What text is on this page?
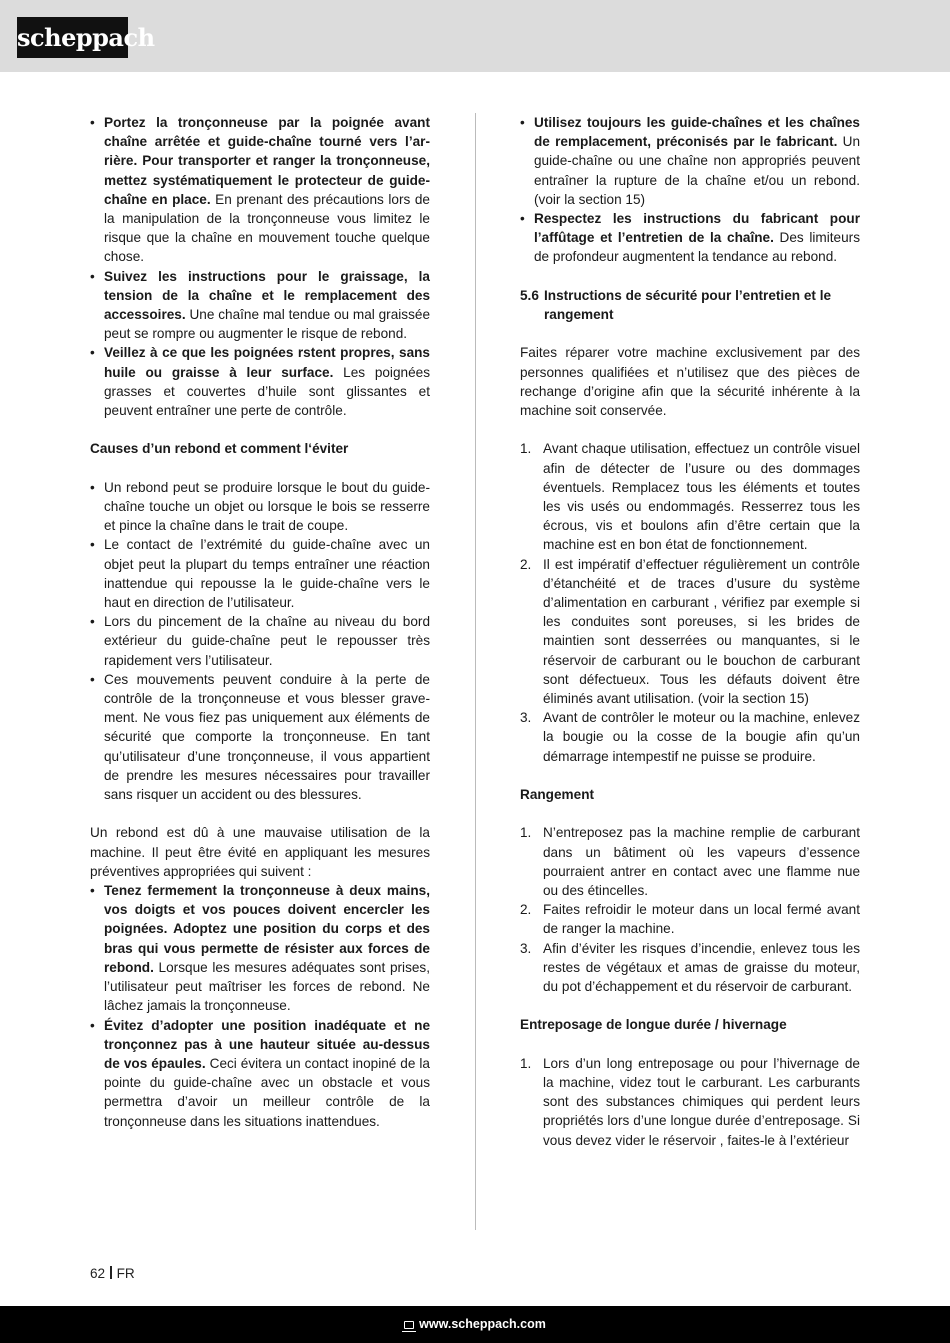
scheppach
• Portez la tronçonneuse par la poignée avant chaîne arrêtée et guide-chaîne tourné vers l’arrière. Pour transporter et ranger la tronçonneuse, mettez systématiquement le protecteur de guide-chaîne en place. En prenant des précautions lors de la manipulation de la tronçonneuse vous limitez le risque que la chaîne en mouvement touche quelque chose.
• Suivez les instructions pour le graissage, la tension de la chaîne et le remplacement des accessoires. Une chaîne mal tendue ou mal graissée peut se rompre ou augmenter le risque de rebond.
• Veillez à ce que les poignées rstent propres, sans huile ou graisse à leur surface. Les poignées grasses et couvertes d’huile sont glissantes et peuvent entraîner une perte de contrôle.
Causes d’un rebond et comment l‘éviter
• Un rebond peut se produire lorsque le bout du guide-chaîne touche un objet ou lorsque le bois se resserre et pince la chaîne dans le trait de coupe.
• Le contact de l’extrémité du guide-chaîne avec un objet peut la plupart du temps entraîner une réaction inattendue qui repousse la le guide-chaîne vers le haut en direction de l’utilisateur.
• Lors du pincement de la chaîne au niveau du bord extérieur du guide-chaîne peut le repousser très rapidement vers l’utilisateur.
• Ces mouvements peuvent conduire à la perte de contrôle de la tronçonneuse et vous blesser gravement. Ne vous fiez pas uniquement aux éléments de sécurité que comporte la tronçonneuse. En tant qu’utilisateur d’une tronçonneuse, il vous appartient de prendre les mesures nécessaires pour travailler sans risquer un accident ou des blessures.
Un rebond est dû à une mauvaise utilisation de la machine. Il peut être évité en appliquant les mesures préventives appropriées qui suivent :
• Tenez fermement la tronçonneuse à deux mains, vos doigts et vos pouces doivent encercler les poignées. Adoptez une position du corps et des bras qui vous permette de résister aux forces de rebond. Lorsque les mesures adéquates sont prises, l’utilisateur peut maîtriser les forces de rebond. Ne lâchez jamais la tronçonneuse.
• Évitez d’adopter une position inadéquate et ne tronçonnez pas à une hauteur située au-dessus de vos épaules. Ceci évitera un contact inopiné de la pointe du guide-chaîne avec un obstacle et vous permettra d’avoir un meilleur contrôle de la tronçonneuse dans les situations inattendues.
• Utilisez toujours les guide-chaînes et les chaînes de remplacement, préconisés par le fabricant. Un guide-chaîne ou une chaîne non appropriés peuvent entraîner la rupture de la chaîne et/ou un rebond. (voir la section 15)
• Respectez les instructions du fabricant pour l’affûtage et l’entretien de la chaîne. Des limiteurs de profondeur augmentent la tendance au rebond.
5.6 Instructions de sécurité pour l’entretien et le rangement
Faites réparer votre machine exclusivement par des personnes qualifiées et n’utilisez que des pièces de rechange d’origine afin que la sécurité inhérente à la machine soit conservée.
1. Avant chaque utilisation, effectuez un contrôle visuel afin de détecter de l’usure ou des dommages éventuels. Remplacez tous les éléments et toutes les vis usés ou endommagés. Resserrez tous les écrous, vis et boulons afin d’être certain que la machine est en bon état de fonctionnement.
2. Il est impératif d’effectuer régulièrement un contrôle d’étanchéité et de traces d’usure du système d’alimentation en carburant , vérifiez par exemple si les conduites sont poreuses, si les brides de maintien sont desserrées ou manquantes, si le réservoir de carburant ou le bouchon de carburant sont défectueux. Tous les défauts doivent être éliminés avant utilisation. (voir la section 15)
3. Avant de contrôler le moteur ou la machine, enlevez la bougie ou la cosse de la bougie afin qu’un démarrage intempestif ne puisse se produire.
Rangement
1. N’entreposez pas la machine remplie de carburant dans un bâtiment où les vapeurs d’essence pourraient antrer en contact avec une flamme nue ou des étincelles.
2. Faites refroidir le moteur dans un local fermé avant de ranger la machine.
3. Afin d’éviter les risques d’incendie, enlevez tous les restes de végétaux et amas de graisse du moteur, du pot d’échappement et du réservoir de carburant.
Entreposage de longue durée / hivernage
1. Lors d’un long entreposage ou pour l’hivernage de la machine, videz tout le carburant. Les carburants sont des substances chimiques qui perdent leurs propriétés lors d’une longue durée d’entreposage. Si vous devez vider le réservoir , faites-le à l’extérieur
62 FR
www.scheppach.com
